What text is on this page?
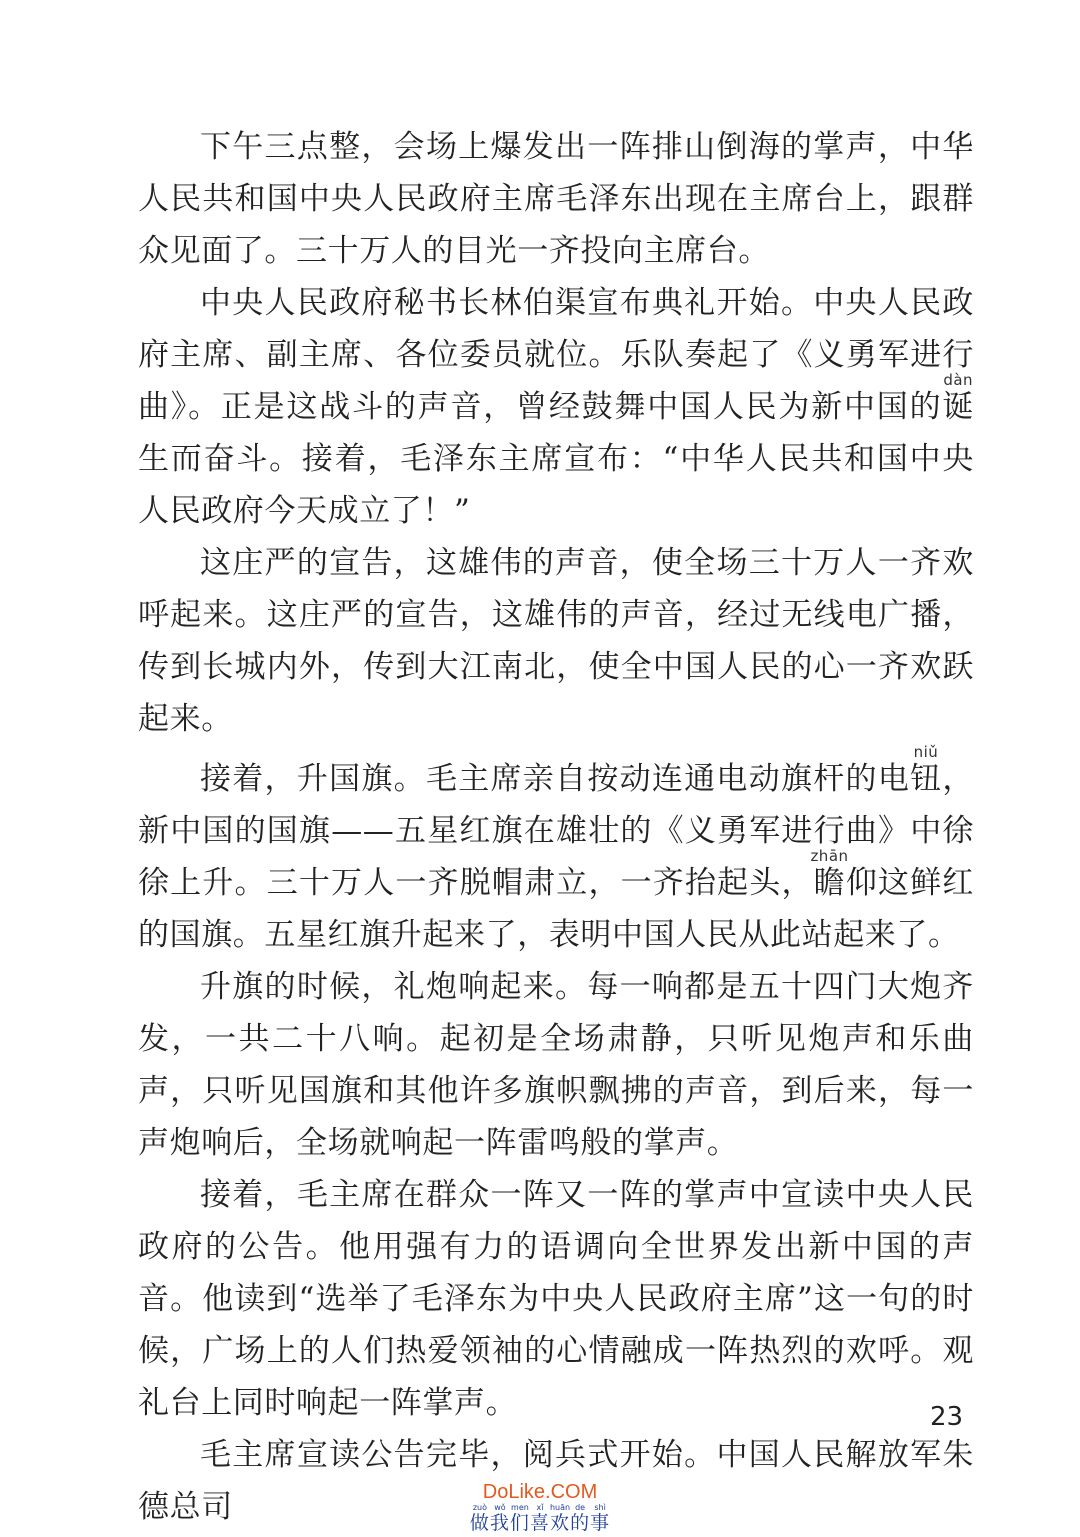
下午三点整，会场上爆发出一阵排山倒海的掌声，中华人民共和国中央人民政府主席毛泽东出现在主席台上，跟群众见面了。三十万人的目光一齐投向主席台。

中央人民政府秘书长林伯渠宣布典礼开始。中央人民政府主席、副主席、各位委员就位。乐队奏起了《义勇军进行曲》。正是这战斗的声音，曾经鼓舞中国人民为新中国的诞dàn生而奋斗。接着，毛泽东主席宣布：“中华人民共和国中央人民政府今天成立了！”

这庄严的宣告，这雄伟的声音，使全场三十万人一齐欢呼起来。这庄严的宣告，这雄伟的声音，经过无线电广播，传到长城内外，传到大江南北，使全中国人民的心一齐欢跃起来。

接着，升国旗。毛主席亲自按动连通电动旗杆的电钮niǔ，新中国的国旗——五星红旗在雄壮的《义勇军进行曲》中徐徐上升。三十万人一齐脱帽肃立，一齐抬起头，瞻zhān仰这鲜红的国旗。五星红旗升起来了，表明中国人民从此站起来了。

升旗的时候，礼炮响起来。每一响都是五十四门大炮齐发，一共二十八响。起初是全场肃静，只听见炮声和乐曲声，只听见国旗和其他许多旗帜飘拂的声音，到后来，每一声炮响后，全场就响起一阵雷鸣般的掌声。

接着，毛主席在群众一阵又一阵的掌声中宣读中央人民政府的公告。他用强有力的语调向全世界发出新中国的声音。他读到“选举了毛泽东为中央人民政府主席”这一句的时候，广场上的人们热爱领袖的心情融成一阵热烈的欢呼。观礼台上同时响起一阵掌声。

毛主席宣读公告完毕，阅兵式开始。中国人民解放军朱德总司

23
DoLike.COM
做zuò我wǒ们men喜xǐ欢huān的de事shì
